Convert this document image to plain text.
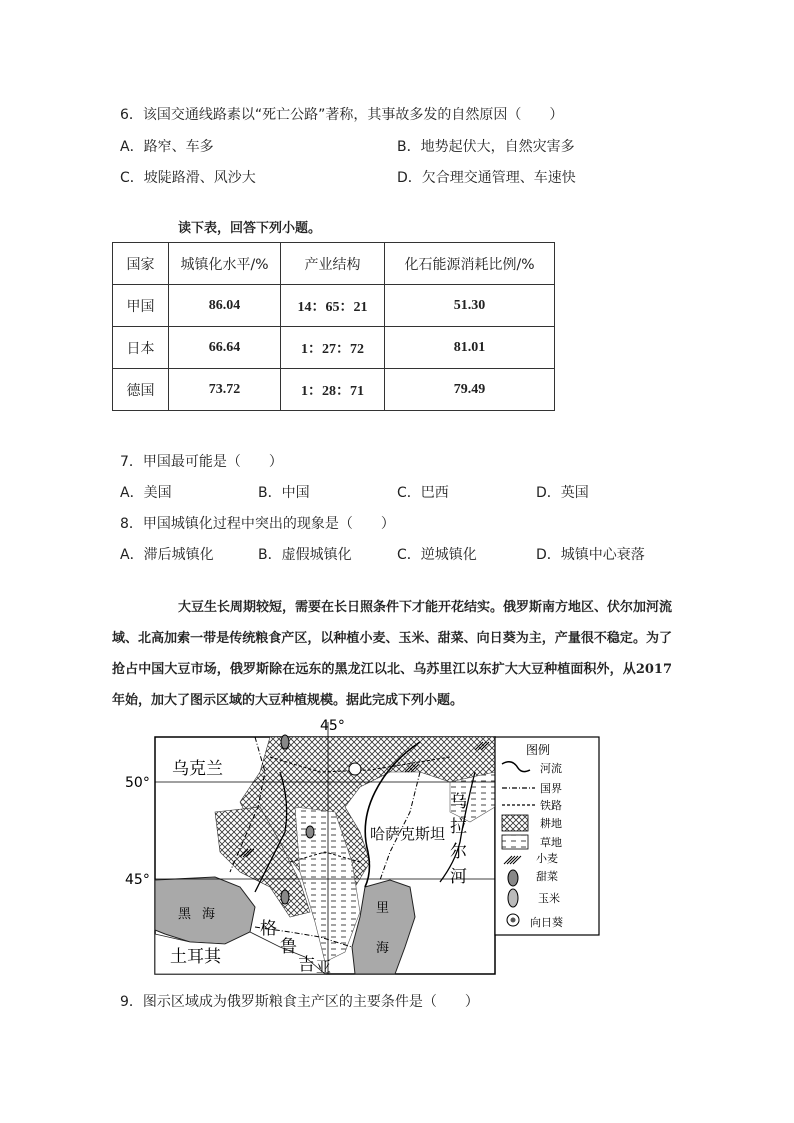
6．该国交通线路素以“死亡公路”著称，其事故多发的自然原因（　　）
A．路窄、车多	B．地势起伏大，自然灾害多
C．坡陡路滑、风沙大	D．欠合理交通管理、车速快
读下表，回答下列小题。
国家	城镇化水平/%	产业结构	化石能源消耗比例/%
甲国	86.04	14：65：21	51.30
日本	66.64	1：27：72	81.01
德国	73.72	1：28：71	79.49
7．甲国最可能是（　　）
A．美国	B．中国	C．巴西	D．英国
8．甲国城镇化过程中突出的现象是（　　）
A．滞后城镇化	B．虚假城镇化	C．逆城镇化	D．城镇中心衰落
大豆生长周期较短，需要在长日照条件下才能开花结实。俄罗斯南方地区、伏尔加河流域、北高加索一带是传统粮食产区，以种植小麦、玉米、甜菜、向日葵为主，产量很不稳定。为了抢占中国大豆市场，俄罗斯除在远东的黑龙江以北、乌苏里江以东扩大大豆种植面积外，从2017年始，加大了图示区域的大豆种植规模。据此完成下列小题。
45°
50°
45°
乌克兰
哈萨克斯坦
乌
拉
尔
河
黑 海	里
海
格
鲁
吉 亚
土耳其
图例
河流
国界
铁路
耕地
草地
小麦
甜菜
玉米
向日葵
9．图示区域成为俄罗斯粮食主产区的主要条件是（　　）
